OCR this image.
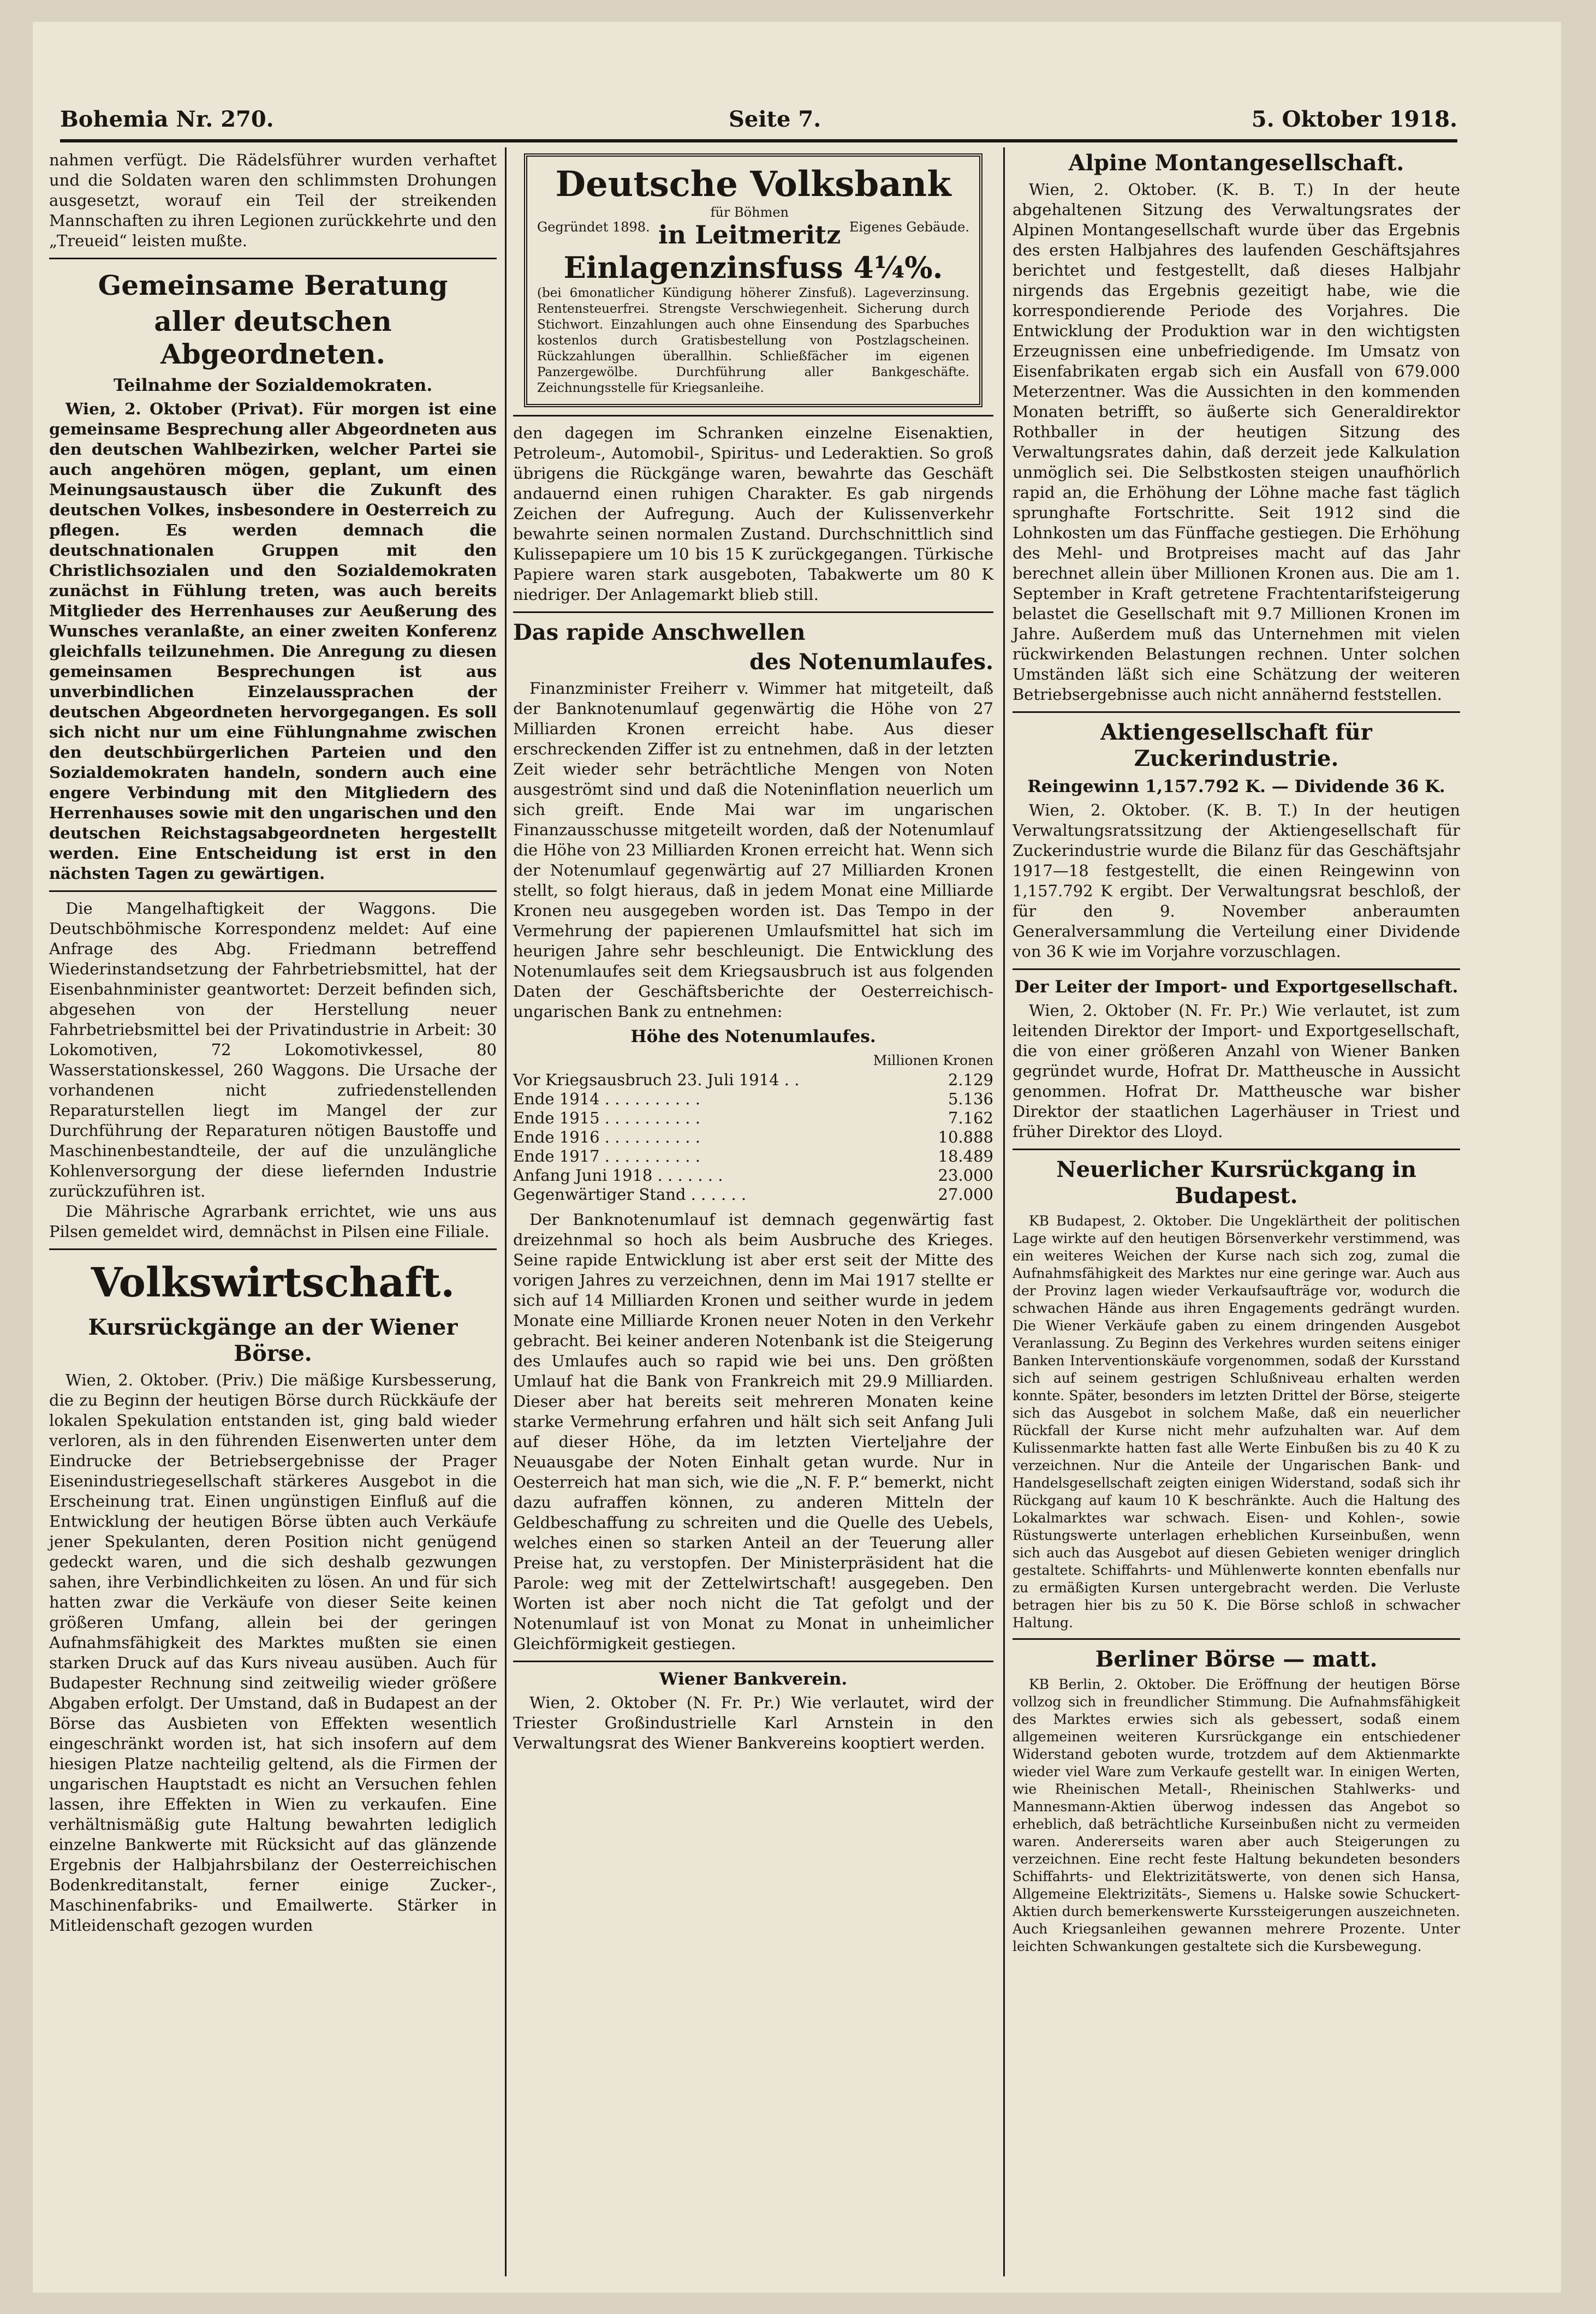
Bohemia Nr. 270.	Seite 7.	5. Oktober 1918.

nahmen verfügt. Die Rädelsführer wurden verhaftet und die Soldaten waren den schlimmsten Drohungen ausgesetzt, worauf ein Teil der streikenden Mannschaften zu ihren Legionen zurückkehrte und den „Treueid“ leisten mußte.

Gemeinsame Beratung
aller deutschen Abgeordneten.
Teilnahme der Sozialdemokraten.

Wien, 2. Oktober (Privat). Für morgen ist eine gemeinsame Besprechung aller Abgeordneten aus den deutschen Wahlbezirken, welcher Partei sie auch angehören mögen, geplant, um einen Meinungsaustausch über die Zukunft des deutschen Volkes, insbesondere in Oesterreich zu pflegen. Es werden demnach die deutschnationalen Gruppen mit den Christlichsozialen und den Sozialdemokraten zunächst in Fühlung treten, was auch bereits Mitglieder des Herrenhauses zur Aeußerung des Wunsches veranlaßte, an einer zweiten Konferenz gleichfalls teilzunehmen. Die Anregung zu diesen gemeinsamen Besprechungen ist aus unverbindlichen Einzelaussprachen der deutschen Abgeordneten hervorgegangen. Es soll sich nicht nur um eine Fühlungnahme zwischen den deutschbürgerlichen Parteien und den Sozialdemokraten handeln, sondern auch eine engere Verbindung mit den Mitgliedern des Herrenhauses sowie mit den ungarischen und den deutschen Reichstagsabgeordneten hergestellt werden. Eine Entscheidung ist erst in den nächsten Tagen zu gewärtigen.

Die Mangelhaftigkeit der Waggons. Die Deutschböhmische Korrespondenz meldet: Auf eine Anfrage des Abg. Friedmann betreffend Wiederinstandsetzung der Fahrbetriebsmittel, hat der Eisenbahnminister geantwortet: Derzeit befinden sich, abgesehen von der Herstellung neuer Fahrbetriebsmittel bei der Privatindustrie in Arbeit: 30 Lokomotiven, 72 Lokomotivkessel, 80 Wasserstationskessel, 260 Waggons. Die Ursache der vorhandenen nicht zufriedenstellenden Reparaturstellen liegt im Mangel der zur Durchführung der Reparaturen nötigen Baustoffe und Maschinenbestandteile, der auf die unzulängliche Kohlenversorgung der diese liefernden Industrie zurückzuführen ist.

Die Mährische Agrarbank errichtet, wie uns aus Pilsen gemeldet wird, demnächst in Pilsen eine Filiale.

Volkswirtschaft.
Kursrückgänge an der Wiener Börse.

Wien, 2. Oktober. (Priv.) Die mäßige Kursbesserung, die zu Beginn der heutigen Börse durch Rückkäufe der lokalen Spekulation entstanden ist, ging bald wieder verloren, als in den führenden Eisenwerten unter dem Eindrucke der Betriebsergebnisse der Prager Eisenindustriegesellschaft stärkeres Ausgebot in die Erscheinung trat. Einen ungünstigen Einfluß auf die Entwicklung der heutigen Börse übten auch Verkäufe jener Spekulanten, deren Position nicht genügend gedeckt waren, und die sich deshalb gezwungen sahen, ihre Verbindlichkeiten zu lösen. An und für sich hatten zwar die Verkäufe von dieser Seite keinen größeren Umfang, allein bei der geringen Aufnahmsfähigkeit des Marktes mußten sie einen starken Druck auf das Kurs niveau ausüben. Auch für Budapester Rechnung sind zeitweilig wieder größere Abgaben erfolgt. Der Umstand, daß in Budapest an der Börse das Ausbieten von Effekten wesentlich eingeschränkt worden ist, hat sich insofern auf dem hiesigen Platze nachteilig geltend, als die Firmen der ungarischen Hauptstadt es nicht an Versuchen fehlen lassen, ihre Effekten in Wien zu verkaufen. Eine verhältnismäßig gute Haltung bewahrten lediglich einzelne Bankwerte mit Rücksicht auf das glänzende Ergebnis der Halbjahrsbilanz der Oesterreichischen Bodenkreditanstalt, ferner einige Zucker-, Maschinenfabriks- und Emailwerte. Stärker in Mitleidenschaft gezogen wurden

Deutsche Volksbank
Gegründet 1898.
für Böhmen
in Leitmeritz Eigenes Gebäude.
Einlagenzinsfuss 4¼%.
(bei 6monatlicher Kündigung höherer Zinsfuß). Lageverzinsung. Rentensteuerfrei. Strengste Verschwiegenheit. Sicherung durch Stichwort. Einzahlungen auch ohne Einsendung des Sparbuches kostenlos durch Gratisbestellung von Postzlagscheinen. Rückzahlungen überallhin. Schließfächer im eigenen Panzergewölbe. Durchführung aller Bankgeschäfte. Zeichnungsstelle für Kriegsanleihe.

den dagegen im Schranken einzelne Eisenaktien, Petroleum-, Automobil-, Spiritus- und Lederaktien. So groß übrigens die Rückgänge waren, bewahrte das Geschäft andauernd einen ruhigen Charakter. Es gab nirgends Zeichen der Aufregung. Auch der Kulissenverkehr bewahrte seinen normalen Zustand. Durchschnittlich sind Kulissepapiere um 10 bis 15 K zurückgegangen. Türkische Papiere waren stark ausgeboten, Tabakwerte um 80 K niedriger. Der Anlagemarkt blieb still.

Das rapide Anschwellen
des Notenumlaufes.

Finanzminister Freiherr v. Wimmer hat mitgeteilt, daß der Banknotenumlauf gegenwärtig die Höhe von 27 Milliarden Kronen erreicht habe. Aus dieser erschreckenden Ziffer ist zu entnehmen, daß in der letzten Zeit wieder sehr beträchtliche Mengen von Noten ausgeströmt sind und daß die Noteninflation neuerlich um sich greift. Ende Mai war im ungarischen Finanzausschusse mitgeteilt worden, daß der Notenumlauf die Höhe von 23 Milliarden Kronen erreicht hat. Wenn sich der Notenumlauf gegenwärtig auf 27 Milliarden Kronen stellt, so folgt hieraus, daß in jedem Monat eine Milliarde Kronen neu ausgegeben worden ist. Das Tempo in der Vermehrung der papierenen Umlaufsmittel hat sich im heurigen Jahre sehr beschleunigt. Die Entwicklung des Notenumlaufes seit dem Kriegsausbruch ist aus folgenden Daten der Geschäftsberichte der Oesterreichisch-ungarischen Bank zu entnehmen:

Höhe des Notenumlaufes.
Millionen Kronen
Vor Kriegsausbruch 23. Juli 1914 . .	2.129
Ende 1914 . . . . . . . . . .	5.136
Ende 1915 . . . . . . . . . .	7.162
Ende 1916 . . . . . . . . . .	10.888
Ende 1917 . . . . . . . . . .	18.489
Anfang Juni 1918 . . . . . . .	23.000
Gegenwärtiger Stand . . . . . .	27.000

Der Banknotenumlauf ist demnach gegenwärtig fast dreizehnmal so hoch als beim Ausbruche des Krieges. Seine rapide Entwicklung ist aber erst seit der Mitte des vorigen Jahres zu verzeichnen, denn im Mai 1917 stellte er sich auf 14 Milliarden Kronen und seither wurde in jedem Monate eine Milliarde Kronen neuer Noten in den Verkehr gebracht. Bei keiner anderen Notenbank ist die Steigerung des Umlaufes auch so rapid wie bei uns. Den größten Umlauf hat die Bank von Frankreich mit 29.9 Milliarden. Dieser aber hat bereits seit mehreren Monaten keine starke Vermehrung erfahren und hält sich seit Anfang Juli auf dieser Höhe, da im letzten Vierteljahre der Neuausgabe der Noten Einhalt getan wurde. Nur in Oesterreich hat man sich, wie die „N. F. P.“ bemerkt, nicht dazu aufraffen können, zu anderen Mitteln der Geldbeschaffung zu schreiten und die Quelle des Uebels, welches einen so starken Anteil an der Teuerung aller Preise hat, zu verstopfen. Der Ministerpräsident hat die Parole: weg mit der Zettelwirtschaft! ausgegeben. Den Worten ist aber noch nicht die Tat gefolgt und der Notenumlauf ist von Monat zu Monat in unheimlicher Gleichförmigkeit gestiegen.

Wiener Bankverein.

Wien, 2. Oktober (N. Fr. Pr.) Wie verlautet, wird der Triester Großindustrielle Karl Arnstein in den Verwaltungsrat des Wiener Bankvereins kooptiert werden.

Alpine Montangesellschaft.

Wien, 2. Oktober. (K. B. T.) In der heute abgehaltenen Sitzung des Verwaltungsrates der Alpinen Montangesellschaft wurde über das Ergebnis des ersten Halbjahres des laufenden Geschäftsjahres berichtet und festgestellt, daß dieses Halbjahr nirgends das Ergebnis gezeitigt habe, wie die korrespondierende Periode des Vorjahres. Die Entwicklung der Produktion war in den wichtigsten Erzeugnissen eine unbefriedigende. Im Umsatz von Eisenfabrikaten ergab sich ein Ausfall von 679.000 Meterzentner. Was die Aussichten in den kommenden Monaten betrifft, so äußerte sich Generaldirektor Rothballer in der heutigen Sitzung des Verwaltungsrates dahin, daß derzeit jede Kalkulation unmöglich sei. Die Selbstkosten steigen unaufhörlich rapid an, die Erhöhung der Löhne mache fast täglich sprunghafte Fortschritte. Seit 1912 sind die Lohnkosten um das Fünffache gestiegen. Die Erhöhung des Mehl- und Brotpreises macht auf das Jahr berechnet allein über Millionen Kronen aus. Die am 1. September in Kraft getretene Frachtentarifsteigerung belastet die Gesellschaft mit 9.7 Millionen Kronen im Jahre. Außerdem muß das Unternehmen mit vielen rückwirkenden Belastungen rechnen. Unter solchen Umständen läßt sich eine Schätzung der weiteren Betriebsergebnisse auch nicht annähernd feststellen.

Aktiengesellschaft für Zuckerindustrie.
Reingewinn 1,157.792 K. — Dividende 36 K.

Wien, 2. Oktober. (K. B. T.) In der heutigen Verwaltungsratssitzung der Aktiengesellschaft für Zuckerindustrie wurde die Bilanz für das Geschäftsjahr 1917—18 festgestellt, die einen Reingewinn von 1,157.792 K ergibt. Der Verwaltungsrat beschloß, der für den 9. November anberaumten Generalversammlung die Verteilung einer Dividende von 36 K wie im Vorjahre vorzuschlagen.

Der Leiter der Import- und Exportgesellschaft.

Wien, 2. Oktober (N. Fr. Pr.) Wie verlautet, ist zum leitenden Direktor der Import- und Exportgesellschaft, die von einer größeren Anzahl von Wiener Banken gegründet wurde, Hofrat Dr. Mattheusche in Aussicht genommen. Hofrat Dr. Mattheusche war bisher Direktor der staatlichen Lagerhäuser in Triest und früher Direktor des Lloyd.

Neuerlicher Kursrückgang in Budapest.

KB Budapest, 2. Oktober. Die Ungeklärtheit der politischen Lage wirkte auf den heutigen Börsenverkehr verstimmend, was ein weiteres Weichen der Kurse nach sich zog, zumal die Aufnahmsfähigkeit des Marktes nur eine geringe war. Auch aus der Provinz lagen wieder Verkaufsaufträge vor, wodurch die schwachen Hände aus ihren Engagements gedrängt wurden. Die Wiener Verkäufe gaben zu einem dringenden Ausgebot Veranlassung. Zu Beginn des Verkehres wurden seitens einiger Banken Interventionskäufe vorgenommen, sodaß der Kursstand sich auf seinem gestrigen Schlußniveau erhalten werden konnte. Später, besonders im letzten Drittel der Börse, steigerte sich das Ausgebot in solchem Maße, daß ein neuerlicher Rückfall der Kurse nicht mehr aufzuhalten war. Auf dem Kulissenmarkte hatten fast alle Werte Einbußen bis zu 40 K zu verzeichnen. Nur die Anteile der Ungarischen Bank- und Handelsgesellschaft zeigten einigen Widerstand, sodaß sich ihr Rückgang auf kaum 10 K beschränkte. Auch die Haltung des Lokalmarktes war schwach. Eisen- und Kohlen-, sowie Rüstungswerte unterlagen erheblichen Kurseinbußen, wenn sich auch das Ausgebot auf diesen Gebieten weniger dringlich gestaltete. Schiffahrts- und Mühlenwerte konnten ebenfalls nur zu ermäßigten Kursen untergebracht werden. Die Verluste betragen hier bis zu 50 K. Die Börse schloß in schwacher Haltung.

Berliner Börse — matt.

KB Berlin, 2. Oktober. Die Eröffnung der heutigen Börse vollzog sich in freundlicher Stimmung. Die Aufnahmsfähigkeit des Marktes erwies sich als gebessert, sodaß einem allgemeinen weiteren Kursrückgange ein entschiedener Widerstand geboten wurde, trotzdem auf dem Aktienmarkte wieder viel Ware zum Verkaufe gestellt war. In einigen Werten, wie Rheinischen Metall-, Rheinischen Stahlwerks- und Mannesmann-Aktien überwog indessen das Angebot so erheblich, daß beträchtliche Kurseinbußen nicht zu vermeiden waren. Andererseits waren aber auch Steigerungen zu verzeichnen. Eine recht feste Haltung bekundeten besonders Schiffahrts- und Elektrizitätswerte, von denen sich Hansa, Allgemeine Elektrizitäts-, Siemens u. Halske sowie Schuckert-Aktien durch bemerkenswerte Kurssteigerungen auszeichneten. Auch Kriegsanleihen gewannen mehrere Prozente. Unter leichten Schwankungen gestaltete sich die Kursbewegung.
